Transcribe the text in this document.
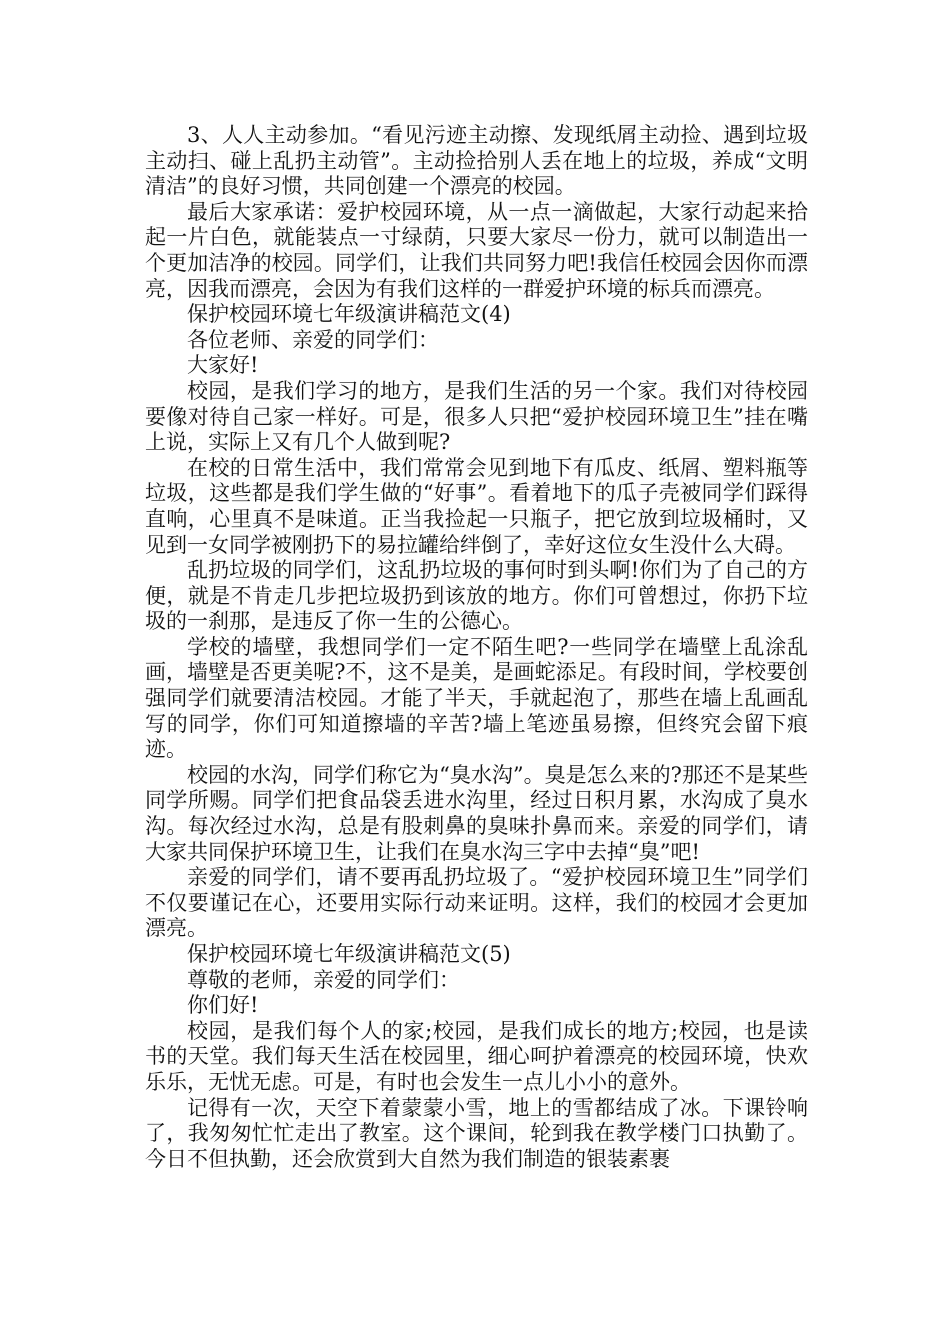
3、人人主动参加。“看见污迹主动擦、发现纸屑主动捡、遇到垃圾主动扫、碰上乱扔主动管”。主动捡拾别人丢在地上的垃圾，养成“文明清洁”的良好习惯，共同创建一个漂亮的校园。

最后大家承诺：爱护校园环境，从一点一滴做起，大家行动起来拾起一片白色，就能装点一寸绿荫，只要大家尽一份力，就可以制造出一个更加洁净的校园。同学们，让我们共同努力吧!我信任校园会因你而漂亮，因我而漂亮，会因为有我们这样的一群爱护环境的标兵而漂亮。

保护校园环境七年级演讲稿范文(4)

各位老师、亲爱的同学们：

大家好!

校园，是我们学习的地方，是我们生活的另一个家。我们对待校园要像对待自己家一样好。可是，很多人只把“爱护校园环境卫生”挂在嘴上说，实际上又有几个人做到呢?

在校的日常生活中，我们常常会见到地下有瓜皮、纸屑、塑料瓶等垃圾，这些都是我们学生做的“好事”。看着地下的瓜子壳被同学们踩得直响，心里真不是味道。正当我捡起一只瓶子，把它放到垃圾桶时，又见到一女同学被刚扔下的易拉罐给绊倒了，幸好这位女生没什么大碍。

乱扔垃圾的同学们，这乱扔垃圾的事何时到头啊!你们为了自己的方便，就是不肯走几步把垃圾扔到该放的地方。你们可曾想过，你扔下垃圾的一刹那，是违反了你一生的公德心。

学校的墙壁，我想同学们一定不陌生吧?一些同学在墙壁上乱涂乱画，墙壁是否更美呢?不，这不是美，是画蛇添足。有段时间，学校要创强同学们就要清洁校园。才能了半天，手就起泡了，那些在墙上乱画乱写的同学，你们可知道擦墙的辛苦?墙上笔迹虽易擦，但终究会留下痕迹。

校园的水沟，同学们称它为“臭水沟”。臭是怎么来的?那还不是某些同学所赐。同学们把食品袋丢进水沟里，经过日积月累，水沟成了臭水沟。每次经过水沟，总是有股刺鼻的臭味扑鼻而来。亲爱的同学们，请大家共同保护环境卫生，让我们在臭水沟三字中去掉“臭”吧!

亲爱的同学们，请不要再乱扔垃圾了。“爱护校园环境卫生”同学们不仅要谨记在心，还要用实际行动来证明。这样，我们的校园才会更加漂亮。

保护校园环境七年级演讲稿范文(5)

尊敬的老师，亲爱的同学们：

你们好!

校园，是我们每个人的家;校园，是我们成长的地方;校园，也是读书的天堂。我们每天生活在校园里，细心呵护着漂亮的校园环境，快欢乐乐，无忧无虑。可是，有时也会发生一点儿小小的意外。

记得有一次，天空下着蒙蒙小雪，地上的雪都结成了冰。下课铃响了，我匆匆忙忙走出了教室。这个课间，轮到我在教学楼门口执勤了。今日不但执勤，还会欣赏到大自然为我们制造的银装素裹
